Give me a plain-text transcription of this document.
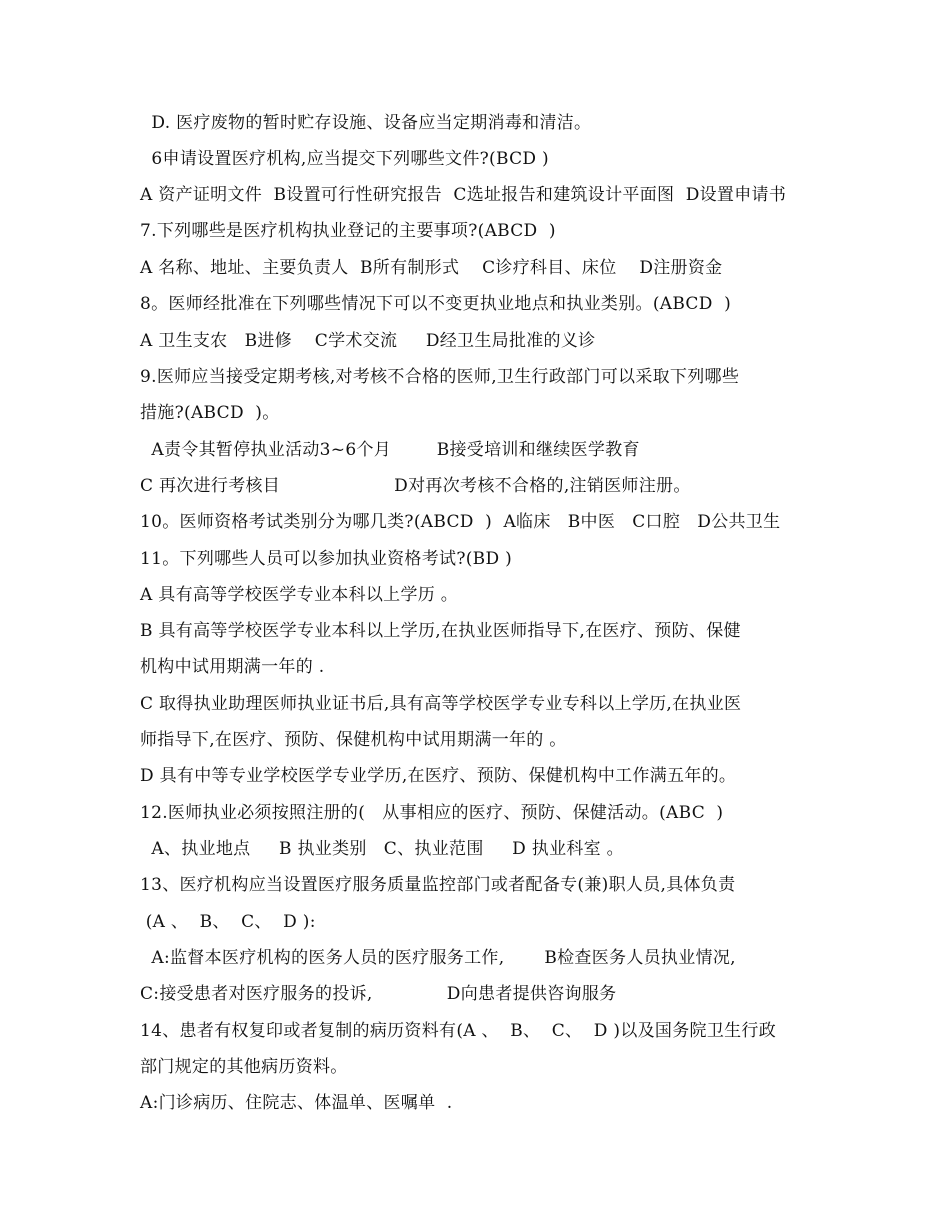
D. 医疗废物的暂时贮存设施、设备应当定期消毒和清洁。
6申请设置医疗机构,应当提交下列哪些文件?(BCD )
A 资产证明文件  B设置可行性研究报告  C选址报告和建筑设计平面图  D设置申请书
7.下列哪些是医疗机构执业登记的主要事项?(ABCD  )
A 名称、地址、主要负责人  B所有制形式    C诊疗科目、床位    D注册资金
8。医师经批准在下列哪些情况下可以不变更执业地点和执业类别。(ABCD  )
A 卫生支农   B进修    C学术交流     D经卫生局批准的义诊
9.医师应当接受定期考核,对考核不合格的医师,卫生行政部门可以采取下列哪些
措施?(ABCD  )。
A责令其暂停执业活动3~6个月        B接受培训和继续医学教育
C 再次进行考核目                    D对再次考核不合格的,注销医师注册。
10。医师资格考试类别分为哪几类?(ABCD  )  A临床   B中医   C口腔   D公共卫生
11。下列哪些人员可以参加执业资格考试?(BD )
A 具有高等学校医学专业本科以上学历 。
B 具有高等学校医学专业本科以上学历,在执业医师指导下,在医疗、预防、保健
机构中试用期满一年的 .
C 取得执业助理医师执业证书后,具有高等学校医学专业专科以上学历,在执业医
师指导下,在医疗、预防、保健机构中试用期满一年的 。
D 具有中等专业学校医学专业学历,在医疗、预防、保健机构中工作满五年的。
12.医师执业必须按照注册的(   从事相应的医疗、预防、保健活动。(ABC  )
A、执业地点     B 执业类别   C、执业范围     D 执业科室 。
13、医疗机构应当设置医疗服务质量监控部门或者配备专(兼)职人员,具体负责
(A 、  B、  C、  D ):
A:监督本医疗机构的医务人员的医疗服务工作,       B检查医务人员执业情况,
C:接受患者对医疗服务的投诉,             D向患者提供咨询服务
14、患者有权复印或者复制的病历资料有(A 、  B、  C、  D )以及国务院卫生行政
部门规定的其他病历资料。
A:门诊病历、住院志、体温单、医嘱单  .
